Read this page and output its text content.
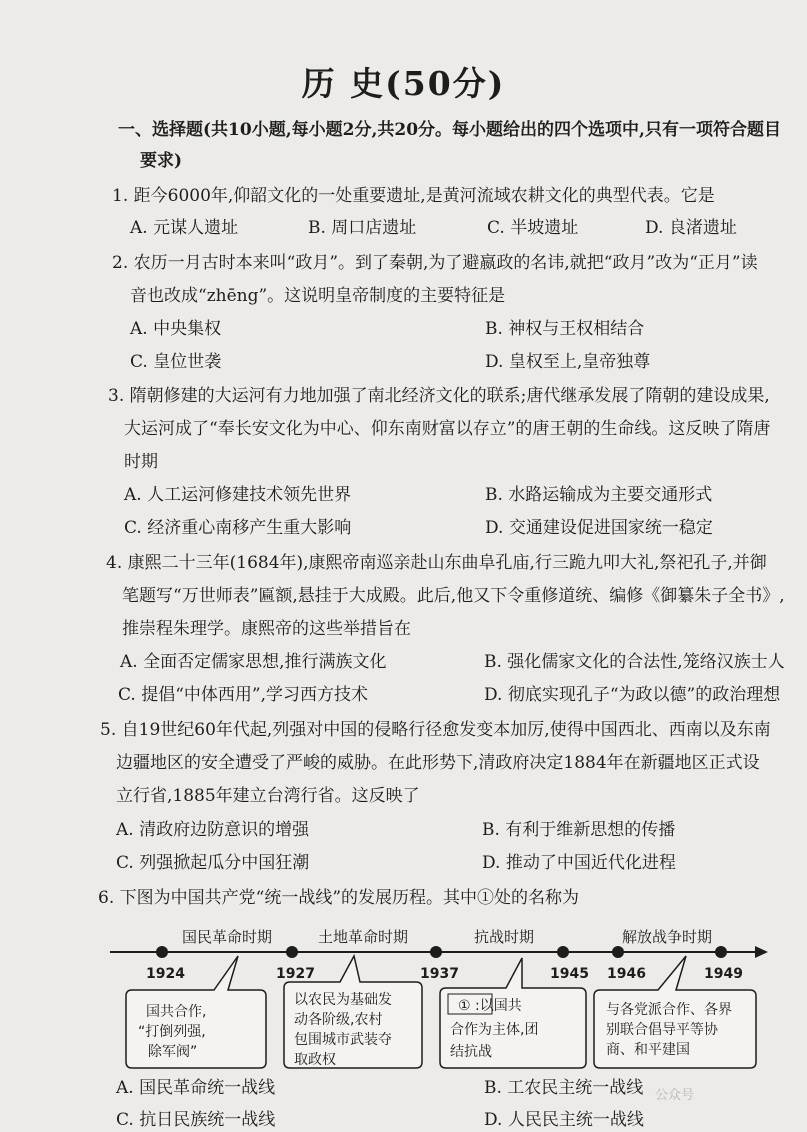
历 史(50分)
一、选择题(共10小题,每小题2分,共20分。每小题给出的四个选项中,只有一项符合题目
要求)
1. 距今6000年,仰韶文化的一处重要遗址,是黄河流域农耕文化的典型代表。它是
A. 元谋人遗址	B. 周口店遗址	C. 半坡遗址	D. 良渚遗址
2. 农历一月古时本来叫“政月”。到了秦朝,为了避嬴政的名讳,就把“政月”改为“正月”读
音也改成“zhēng”。这说明皇帝制度的主要特征是
A. 中央集权	B. 神权与王权相结合
C. 皇位世袭	D. 皇权至上,皇帝独尊
3. 隋朝修建的大运河有力地加强了南北经济文化的联系;唐代继承发展了隋朝的建设成果,
大运河成了“奉长安文化为中心、仰东南财富以存立”的唐王朝的生命线。这反映了隋唐
时期
A. 人工运河修建技术领先世界	B. 水路运输成为主要交通形式
C. 经济重心南移产生重大影响	D. 交通建设促进国家统一稳定
4. 康熙二十三年(1684年),康熙帝南巡亲赴山东曲阜孔庙,行三跪九叩大礼,祭祀孔子,并御
笔题写“万世师表”匾额,悬挂于大成殿。此后,他又下令重修道统、编修《御纂朱子全书》,
推崇程朱理学。康熙帝的这些举措旨在
A. 全面否定儒家思想,推行满族文化	B. 强化儒家文化的合法性,笼络汉族士人
C. 提倡“中体西用”,学习西方技术	D. 彻底实现孔子“为政以德”的政治理想
5. 自19世纪60年代起,列强对中国的侵略行径愈发变本加厉,使得中国西北、西南以及东南
边疆地区的安全遭受了严峻的威胁。在此形势下,清政府决定1884年在新疆地区正式设
立行省,1885年建立台湾行省。这反映了
A. 清政府边防意识的增强	B. 有利于维新思想的传播
C. 列强掀起瓜分中国狂潮	D. 推动了中国近代化进程
6. 下图为中国共产党“统一战线”的发展历程。其中①处的名称为
国民革命时期	土地革命时期	抗战时期	解放战争时期
1924	1927	1937	1945 1946	1949
国共合作,
“打倒列强,
除军阀”
以农民为基础发
动各阶级,农村
包围城市武装夺
取政权
① :以国共
合作为主体,团
结抗战
与各党派合作、各界
别联合倡导平等协
商、和平建国
A. 国民革命统一战线	B. 工农民主统一战线
C. 抗日民族统一战线	D. 人民民主统一战线
公众号
